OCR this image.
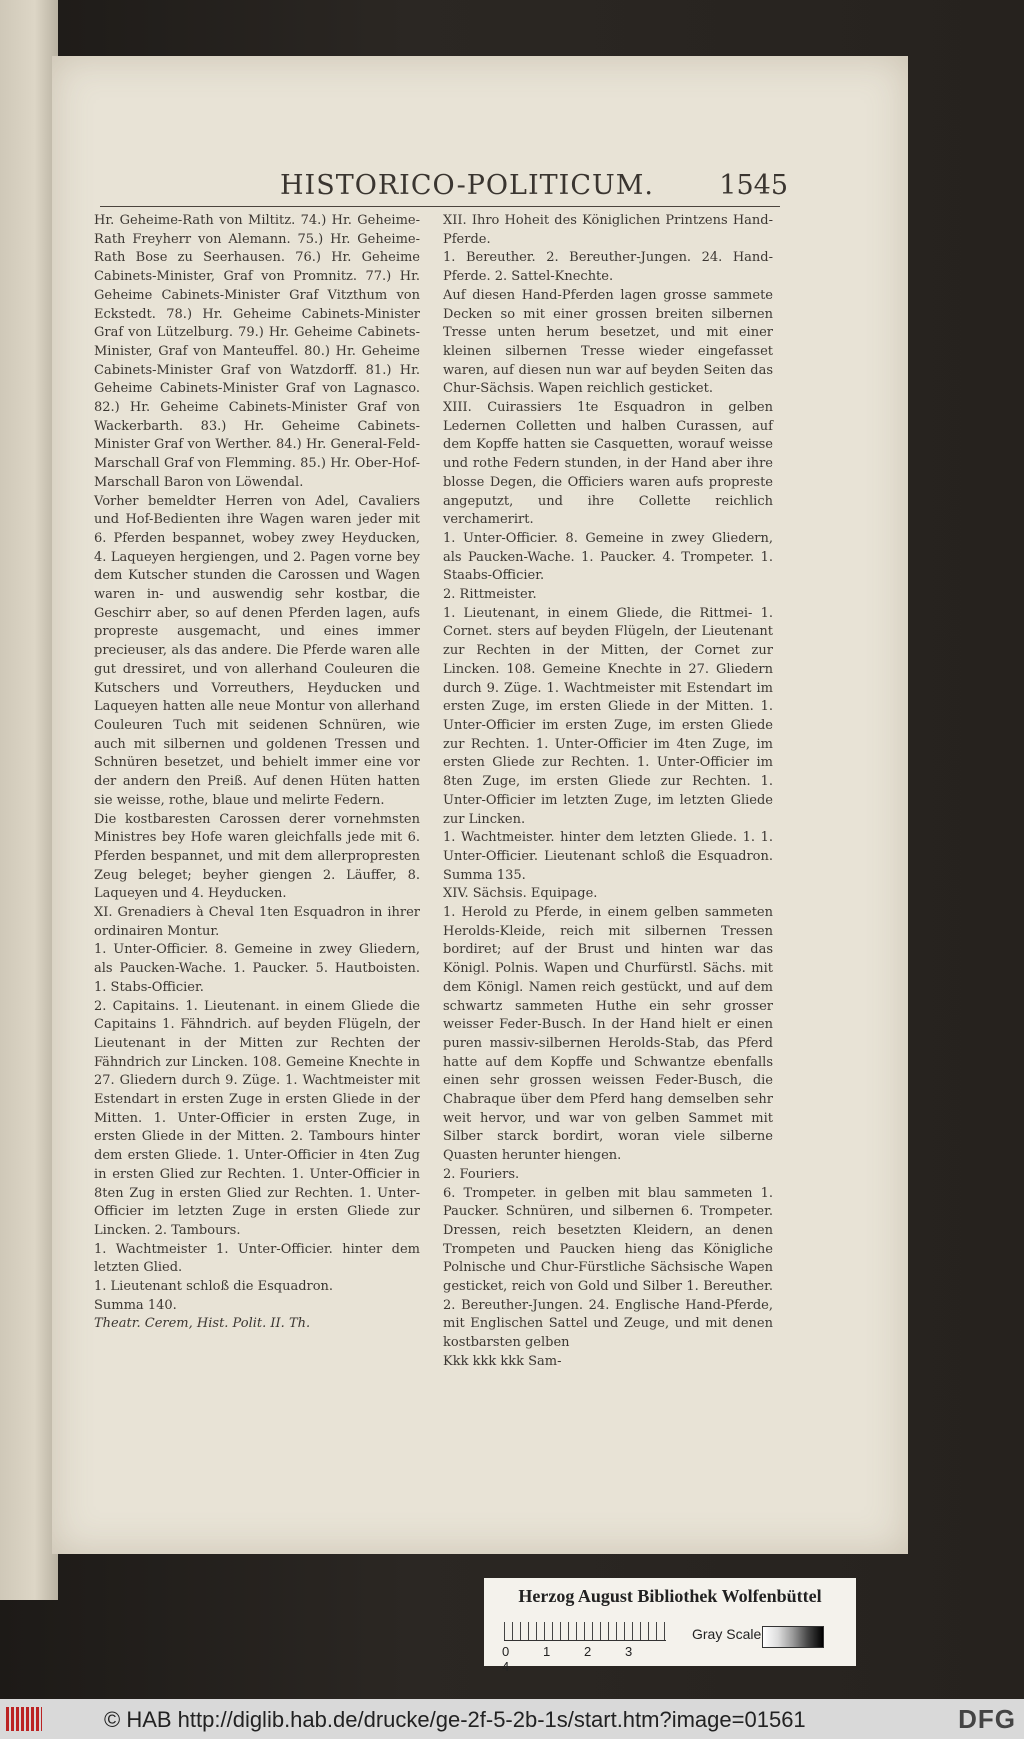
HISTORICO-POLITICUM. 1545

Hr. Geheime-Rath von Miltitz. 74.) Hr. Geheime-Rath Freyherr von Alemann. 75.) Hr. Geheime-Rath Bose zu Seerhausen. 76.) Hr. Geheime Cabinets-Minister, Graf von Promnitz. 77.) Hr. Geheime Cabinets-Minister Graf Vitzthum von Eckstedt. 78.) Hr. Geheime Cabinets-Minister Graf von Lützelburg. 79.) Hr. Geheime Cabinets-Minister, Graf von Manteuffel. 80.) Hr. Geheime Cabinets-Minister Graf von Watzdorff. 81.) Hr. Geheime Cabinets-Minister Graf von Lagnasco. 82.) Hr. Geheime Cabinets-Minister Graf von Wackerbarth. 83.) Hr. Geheime Cabinets-Minister Graf von Werther. 84.) Hr. General-Feld-Marschall Graf von Flemming. 85.) Hr. Ober-Hof-Marschall Baron von Löwendal.

Vorher bemeldter Herren von Adel, Cavaliers und Hof-Bedienten ihre Wagen waren jeder mit 6. Pferden bespannet, wobey zwey Heyducken, 4. Laqueyen hergiengen, und 2. Pagen vorne bey dem Kutscher stunden die Carossen und Wagen waren in- und auswendig sehr kostbar, die Geschirr aber, so auf denen Pferden lagen, aufs propreste ausgemacht, und eines immer precieuser, als das andere. Die Pferde waren alle gut dressiret, und von allerhand Couleuren die Kutschers und Vorreuthers, Heyducken und Laqueyen hatten alle neue Montur von allerhand Couleuren Tuch mit seidenen Schnüren, wie auch mit silbernen und goldenen Tressen und Schnüren besetzet, und behielt immer eine vor der andern den Preiß. Auf denen Hüten hatten sie weisse, rothe, blaue und melirte Federn.

Die kostbaresten Carossen derer vornehmsten Ministres bey Hofe waren gleichfalls jede mit 6. Pferden bespannet, und mit dem allerpropresten Zeug beleget; beyher giengen 2. Läuffer, 8. Laqueyen und 4. Heyducken.

XI. Grenadiers à Cheval 1ten Esquadron in ihrer ordinairen Montur.

1. Unter-Officier. 8. Gemeine in zwey Gliedern, als Paucken-Wache. 1. Paucker. 5. Hautboisten. 1. Stabs-Officier.

2. Capitains. 1. Lieutenant. in einem Gliede die Capitains 1. Fähndrich. auf beyden Flügeln, der Lieutenant in der Mitten zur Rechten der Fähndrich zur Lincken. 108. Gemeine Knechte in 27. Gliedern durch 9. Züge. 1. Wachtmeister mit Estendart in ersten Zuge in ersten Gliede in der Mitten. 1. Unter-Officier in ersten Zuge, in ersten Gliede in der Mitten. 2. Tambours hinter dem ersten Gliede. 1. Unter-Officier in 4ten Zug in ersten Glied zur Rechten. 1. Unter-Officier in 8ten Zug in ersten Glied zur Rechten. 1. Unter-Officier im letzten Zuge in ersten Gliede zur Lincken. 2. Tambours.

1. Wachtmeister 1. Unter-Officier. hinter dem letzten Glied.

1. Lieutenant schloß die Esquadron.

Summa 140.

Theatr. Cerem, Hist. Polit. II. Th.

XII. Ihro Hoheit des Königlichen Printzens Hand-Pferde.

1. Bereuther. 2. Bereuther-Jungen. 24. Hand-Pferde. 2. Sattel-Knechte.

Auf diesen Hand-Pferden lagen grosse sammete Decken so mit einer grossen breiten silbernen Tresse unten herum besetzet, und mit einer kleinen silbernen Tresse wieder eingefasset waren, auf diesen nun war auf beyden Seiten das Chur-Sächsis. Wapen reichlich gesticket.

XIII. Cuirassiers 1te Esquadron in gelben Ledernen Colletten und halben Curassen, auf dem Kopffe hatten sie Casquetten, worauf weisse und rothe Federn stunden, in der Hand aber ihre blosse Degen, die Officiers waren aufs propreste angeputzt, und ihre Collette reichlich verchamerirt.

1. Unter-Officier. 8. Gemeine in zwey Gliedern, als Paucken-Wache. 1. Paucker. 4. Trompeter. 1. Staabs-Officier.

2. Rittmeister.

1. Lieutenant, in einem Gliede, die Rittmei- 1. Cornet. sters auf beyden Flügeln, der Lieutenant zur Rechten in der Mitten, der Cornet zur Lincken. 108. Gemeine Knechte in 27. Gliedern durch 9. Züge. 1. Wachtmeister mit Estendart im ersten Zuge, im ersten Gliede in der Mitten. 1. Unter-Officier im ersten Zuge, im ersten Gliede zur Rechten. 1. Unter-Officier im 4ten Zuge, im ersten Gliede zur Rechten. 1. Unter-Officier im 8ten Zuge, im ersten Gliede zur Rechten. 1. Unter-Officier im letzten Zuge, im letzten Gliede zur Lincken.

1. Wachtmeister. hinter dem letzten Gliede. 1. 1. Unter-Officier. Lieutenant schloß die Esquadron. Summa 135.

XIV. Sächsis. Equipage.

1. Herold zu Pferde, in einem gelben sammeten Herolds-Kleide, reich mit silbernen Tressen bordiret; auf der Brust und hinten war das Königl. Polnis. Wapen und Churfürstl. Sächs. mit dem Königl. Namen reich gestückt, und auf dem schwartz sammeten Huthe ein sehr grosser weisser Feder-Busch. In der Hand hielt er einen puren massiv-silbernen Herolds-Stab, das Pferd hatte auf dem Kopffe und Schwantze ebenfalls einen sehr grossen weissen Feder-Busch, die Chabraque über dem Pferd hang demselben sehr weit hervor, und war von gelben Sammet mit Silber starck bordirt, woran viele silberne Quasten herunter hiengen.

2. Fouriers.

6. Trompeter. in gelben mit blau sammeten 1. Paucker. Schnüren, und silbernen 6. Trompeter. Dressen, reich besetzten Kleidern, an denen Trompeten und Paucken hieng das Königliche Polnische und Chur-Fürstliche Sächsische Wapen gesticket, reich von Gold und Silber 1. Bereuther. 2. Bereuther-Jungen. 24. Englische Hand-Pferde, mit Englischen Sattel und Zeuge, und mit denen kostbarsten gelben

Kkk kkk kkk Sam-

Herzog August Bibliothek Wolfenbüttel
0	1	2	34
Gray Scale
© HAB http://diglib.hab.de/drucke/ge-2f-5-2b-1s/start.htm?image=01561	DFG
